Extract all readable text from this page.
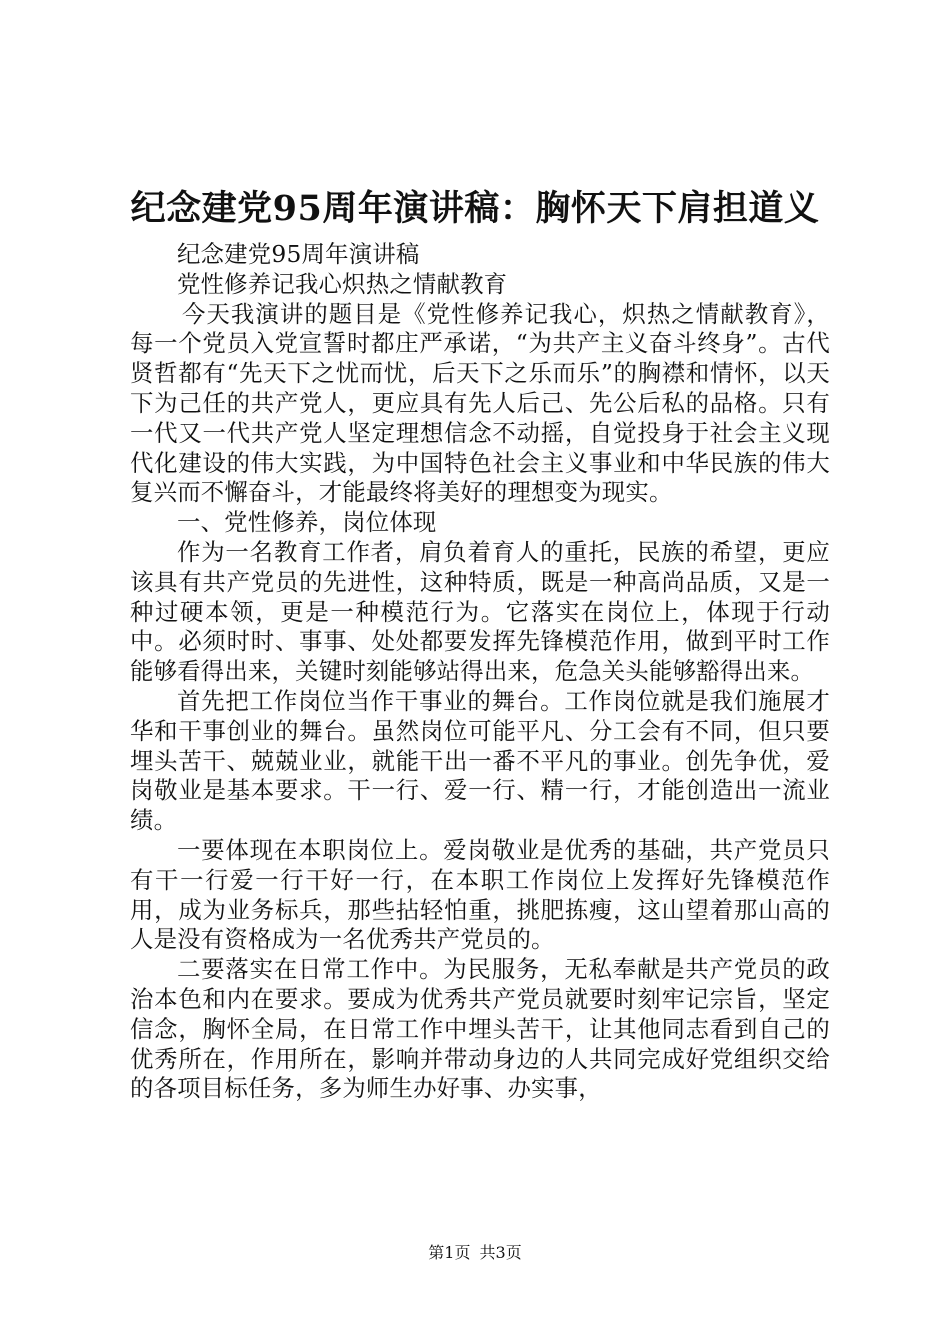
纪念建党95周年演讲稿：胸怀天下肩担道义

纪念建党95周年演讲稿

党性修养记我心炽热之情献教育

今天我演讲的题目是《党性修养记我心，炽热之情献教育》，每一个党员入党宣誓时都庄严承诺，“为共产主义奋斗终身”。古代贤哲都有“先天下之忧而忧，后天下之乐而乐”的胸襟和情怀，以天下为己任的共产党人，更应具有先人后己、先公后私的品格。只有一代又一代共产党人坚定理想信念不动摇，自觉投身于社会主义现代化建设的伟大实践，为中国特色社会主义事业和中华民族的伟大复兴而不懈奋斗，才能最终将美好的理想变为现实。

一、党性修养，岗位体现

作为一名教育工作者，肩负着育人的重托，民族的希望，更应该具有共产党员的先进性，这种特质，既是一种高尚品质，又是一种过硬本领，更是一种模范行为。它落实在岗位上，体现于行动中。必须时时、事事、处处都要发挥先锋模范作用，做到平时工作能够看得出来，关键时刻能够站得出来，危急关头能够豁得出来。

首先把工作岗位当作干事业的舞台。工作岗位就是我们施展才华和干事创业的舞台。虽然岗位可能平凡、分工会有不同，但只要埋头苦干、兢兢业业，就能干出一番不平凡的事业。创先争优，爱岗敬业是基本要求。干一行、爱一行、精一行，才能创造出一流业绩。

一要体现在本职岗位上。爱岗敬业是优秀的基础，共产党员只有干一行爱一行干好一行，在本职工作岗位上发挥好先锋模范作用，成为业务标兵，那些拈轻怕重，挑肥拣瘦，这山望着那山高的人是没有资格成为一名优秀共产党员的。

二要落实在日常工作中。为民服务，无私奉献是共产党员的政治本色和内在要求。要成为优秀共产党员就要时刻牢记宗旨，坚定信念，胸怀全局，在日常工作中埋头苦干，让其他同志看到自己的优秀所在，作用所在，影响并带动身边的人共同完成好党组织交给的各项目标任务，多为师生办好事、办实事，

第1页 共3页
